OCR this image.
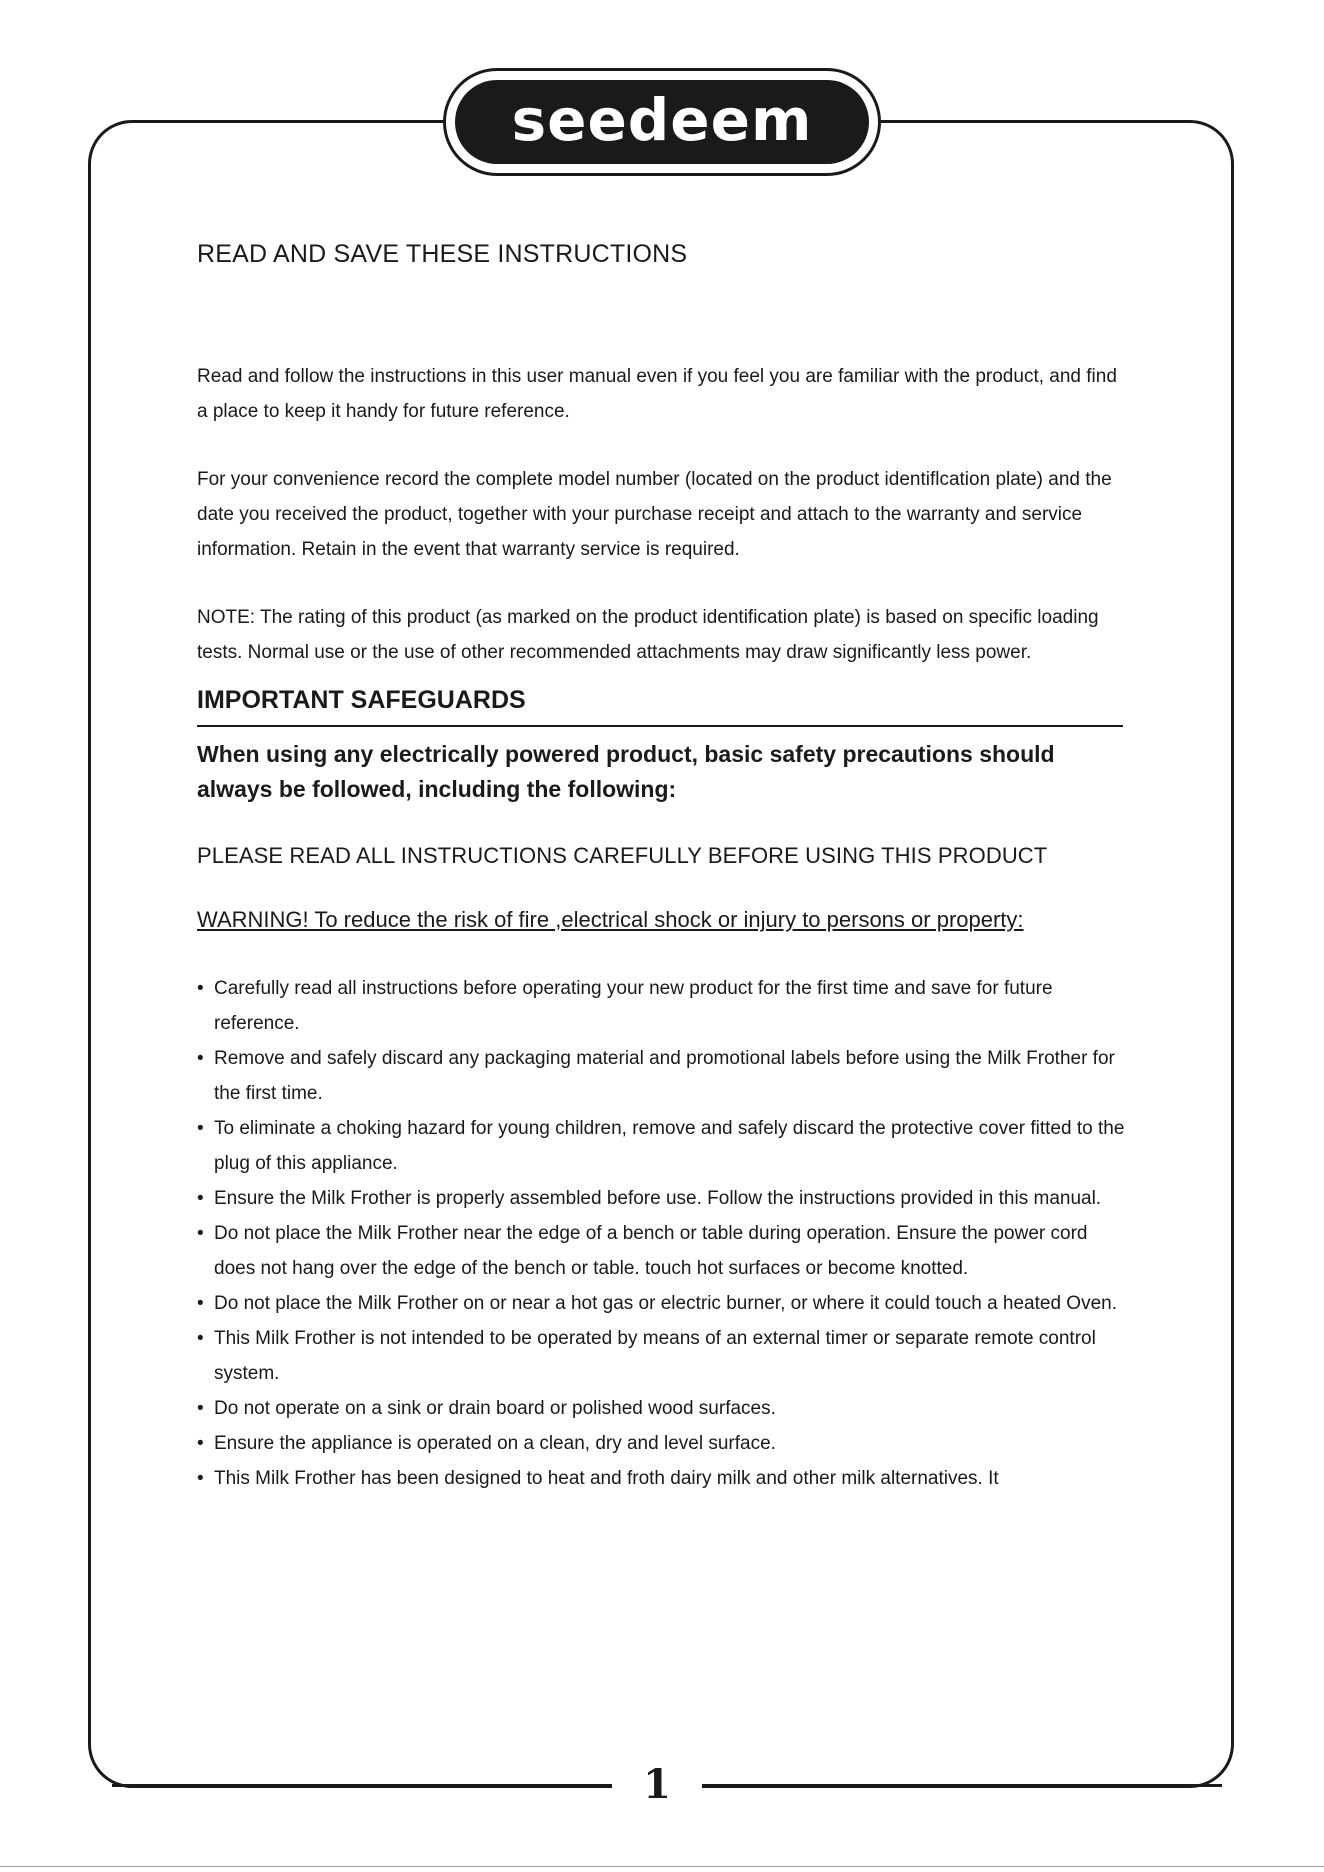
seedeem
READ AND SAVE THESE INSTRUCTIONS

Read and follow the instructions in this user manual even if you feel you are familiar with the product, and find a place to keep it handy for future reference.

For your convenience record the complete model number (located on the product identiflcation plate) and the date you received the product, together with your purchase receipt and attach to the warranty and service information. Retain in the event that warranty service is required.

NOTE: The rating of this product (as marked on the product identification plate) is based on specific loading tests. Normal use or the use of other recommended attachments may draw significantly less power.

IMPORTANT SAFEGUARDS

When using any electrically powered product, basic safety precautions should always be followed, including the following:

PLEASE READ ALL INSTRUCTIONS CAREFULLY BEFORE USING THIS PRODUCT

WARNING! To reduce the risk of fire ,electrical shock or injury to persons or property:

• Carefully read all instructions before operating your new product for the first time and save for future reference.
• Remove and safely discard any packaging material and promotional labels before using the Milk Frother for the first time.
• To eliminate a choking hazard for young children, remove and safely discard the protective cover fitted to the plug of this appliance.
• Ensure the Milk Frother is properly assembled before use. Follow the instructions provided in this manual.
• Do not place the Milk Frother near the edge of a bench or table during operation. Ensure the power cord does not hang over the edge of the bench or table. touch hot surfaces or become knotted.
• Do not place the Milk Frother on or near a hot gas or electric burner, or where it could touch a heated Oven.
• This Milk Frother is not intended to be operated by means of an external timer or separate remote control system.
• Do not operate on a sink or drain board or polished wood surfaces.
• Ensure the appliance is operated on a clean, dry and level surface.
• This Milk Frother has been designed to heat and froth dairy milk and other milk alternatives. It
1
